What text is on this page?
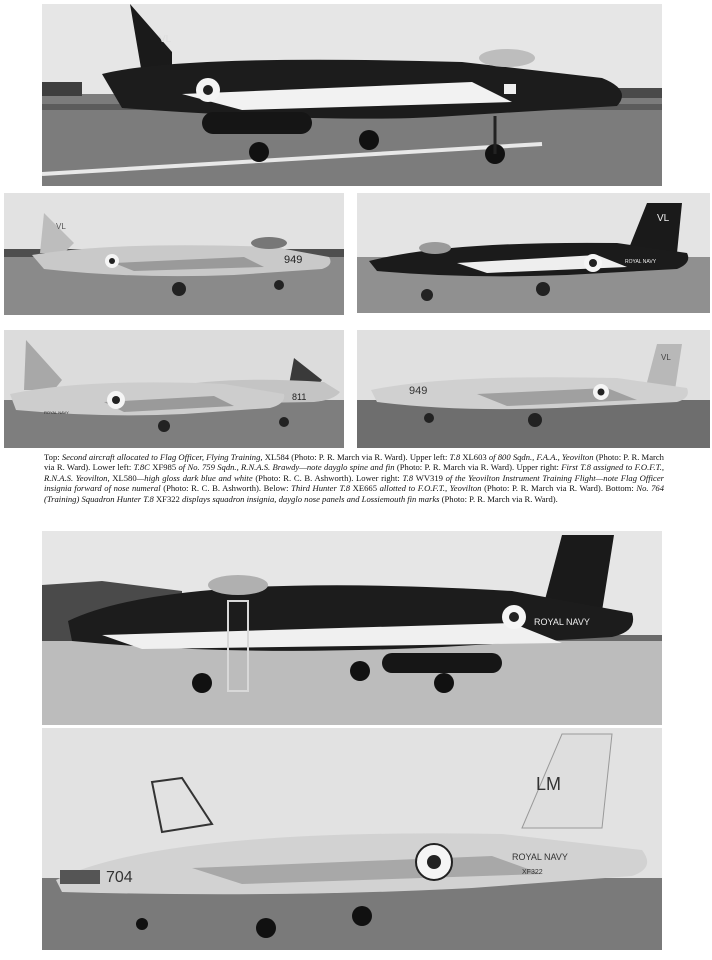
VL
949
VL
ROYAL NAVY
VL
ROYAL NAVY
811	949
VL

Top: Second aircraft allocated to Flag Officer, Flying Training, XL584 (Photo: P. R. March via R. Ward). Upper left: T.8 XL603 of 800 Sqdn., F.A.A., Yeovilton (Photo: P. R. March via R. Ward). Lower left: T.8C XF985 of No. 759 Sqdn., R.N.A.S. Brawdy—note dayglo spine and fin (Photo: P. R. March via R. Ward). Upper right: First T.8 assigned to F.O.F.T., R.N.A.S. Yeovilton, XL580—high gloss dark blue and white (Photo: R. C. B. Ashworth). Lower right: T.8 WV319 of the Yeovilton Instrument Training Flight—note Flag Officer insignia forward of nose numeral (Photo: R. C. B. Ashworth). Below: Third Hunter T.8 XE665 allotted to F.O.F.T., Yeovilton (Photo: P. R. March via R. Ward). Bottom: No. 764 (Training) Squadron Hunter T.8 XF322 displays squadron insignia, dayglo nose panels and Lossiemouth fin marks (Photo: P. R. March via R. Ward).

ROYAL NAVY
704
LM
ROYAL NAVY
XF322
